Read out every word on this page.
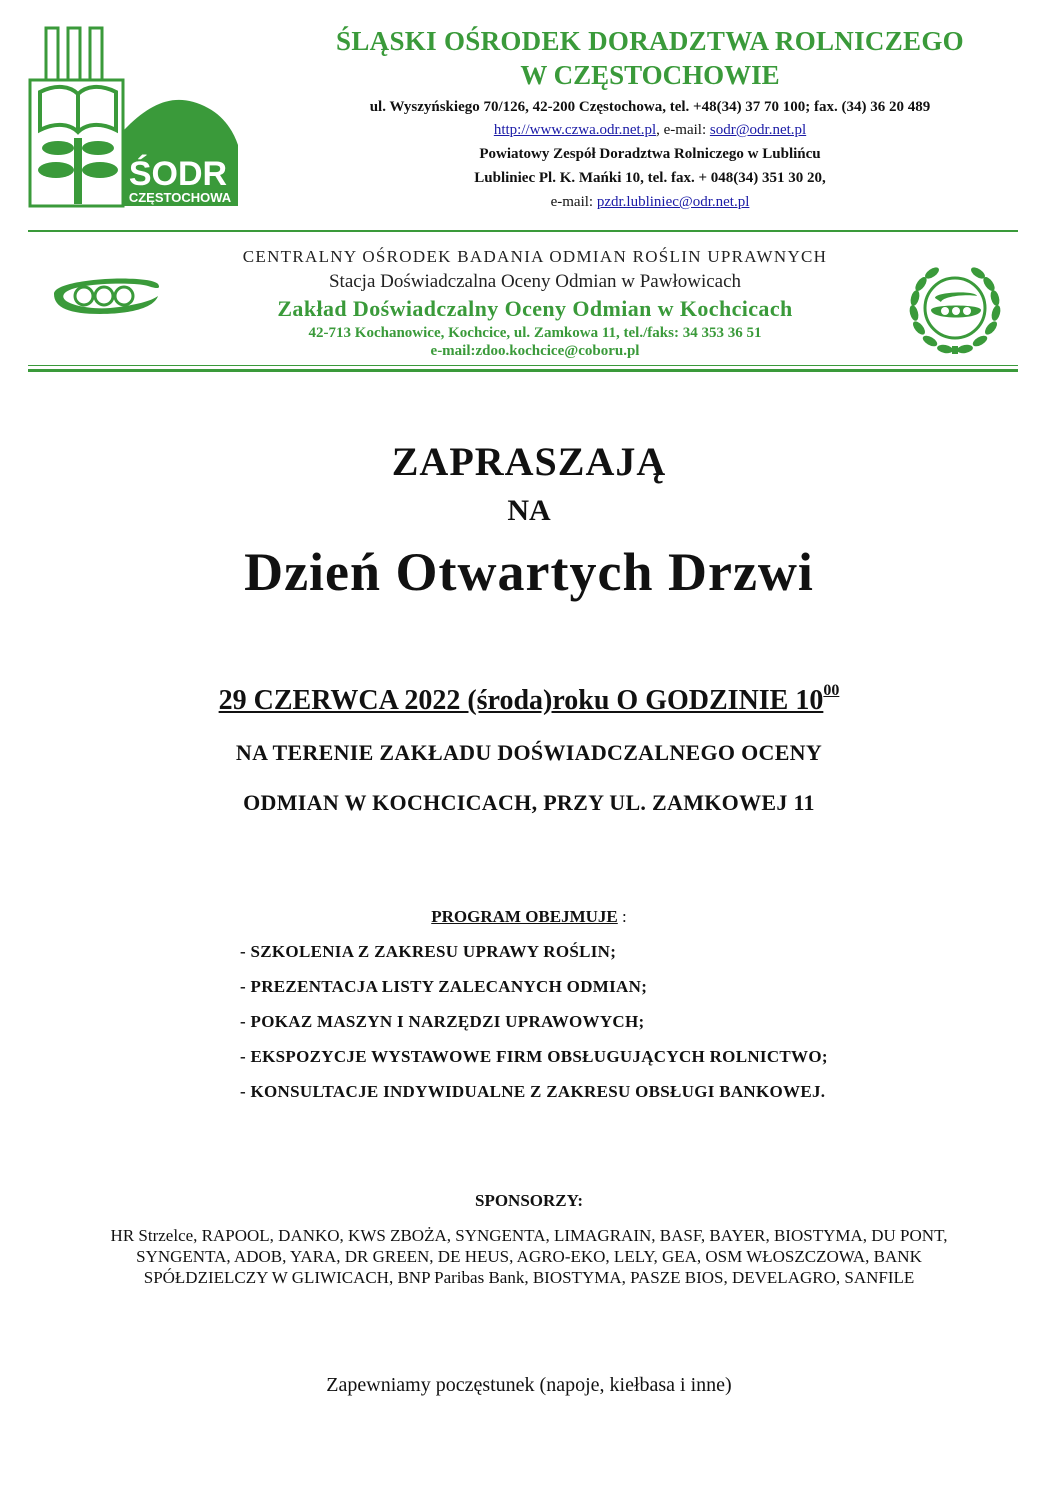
ŚODR
CZĘSTOCHOWA
ŚLĄSKI OŚRODEK DORADZTWA ROLNICZEGO
W CZĘSTOCHOWIE
ul. Wyszyńskiego 70/126, 42-200 Częstochowa, tel. +48(34) 37 70 100; fax. (34) 36 20 489
http://www.czwa.odr.net.pl, e-mail: sodr@odr.net.pl
Powiatowy Zespół Doradztwa Rolniczego w Lublińcu
Lubliniec Pl. K. Mańki 10, tel. fax. + 048(34) 351 30 20,
e-mail: pzdr.lubliniec@odr.net.pl
CENTRALNY OŚRODEK BADANIA ODMIAN ROŚLIN UPRAWNYCH
Stacja Doświadczalna Oceny Odmian w Pawłowicach
Zakład Doświadczalny Oceny Odmian w Kochcicach
42-713 Kochanowice, Kochcice, ul. Zamkowa 11, tel./faks: 34 353 36 51
e-mail:zdoo.kochcice@coboru.pl
ZAPRASZAJĄ
NA
Dzień Otwartych Drzwi
29 CZERWCA 2022 (środa)roku O GODZINIE $10^{00}$
NA TERENIE ZAKŁADU DOŚWIADCZALNEGO OCENY
ODMIAN W KOCHCICACH, PRZY UL. ZAMKOWEJ 11
PROGRAM OBEJMUJE :
- SZKOLENIA Z ZAKRESU UPRAWY ROŚLIN;
- PREZENTACJA LISTY ZALECANYCH ODMIAN;
- POKAZ MASZYN I NARZĘDZI UPRAWOWYCH;
- EKSPOZYCJE WYSTAWOWE FIRM OBSŁUGUJĄCYCH ROLNICTWO;
- KONSULTACJE INDYWIDUALNE Z ZAKRESU OBSŁUGI BANKOWEJ.
SPONSORZY:
HR Strzelce, RAPOOL, DANKO, KWS ZBOŻA, SYNGENTA, LIMAGRAIN, BASF, BAYER, BIOSTYMA, DU PONT, SYNGENTA, ADOB, YARA, DR GREEN, DE HEUS, AGRO-EKO, LELY, GEA, OSM WŁOSZCZOWA, BANK SPÓŁDZIELCZY W GLIWICACH, BNP Paribas Bank, BIOSTYMA, PASZE BIOS, DEVELAGRO, SANFILE
Zapewniamy poczęstunek (napoje, kiełbasa i inne)
